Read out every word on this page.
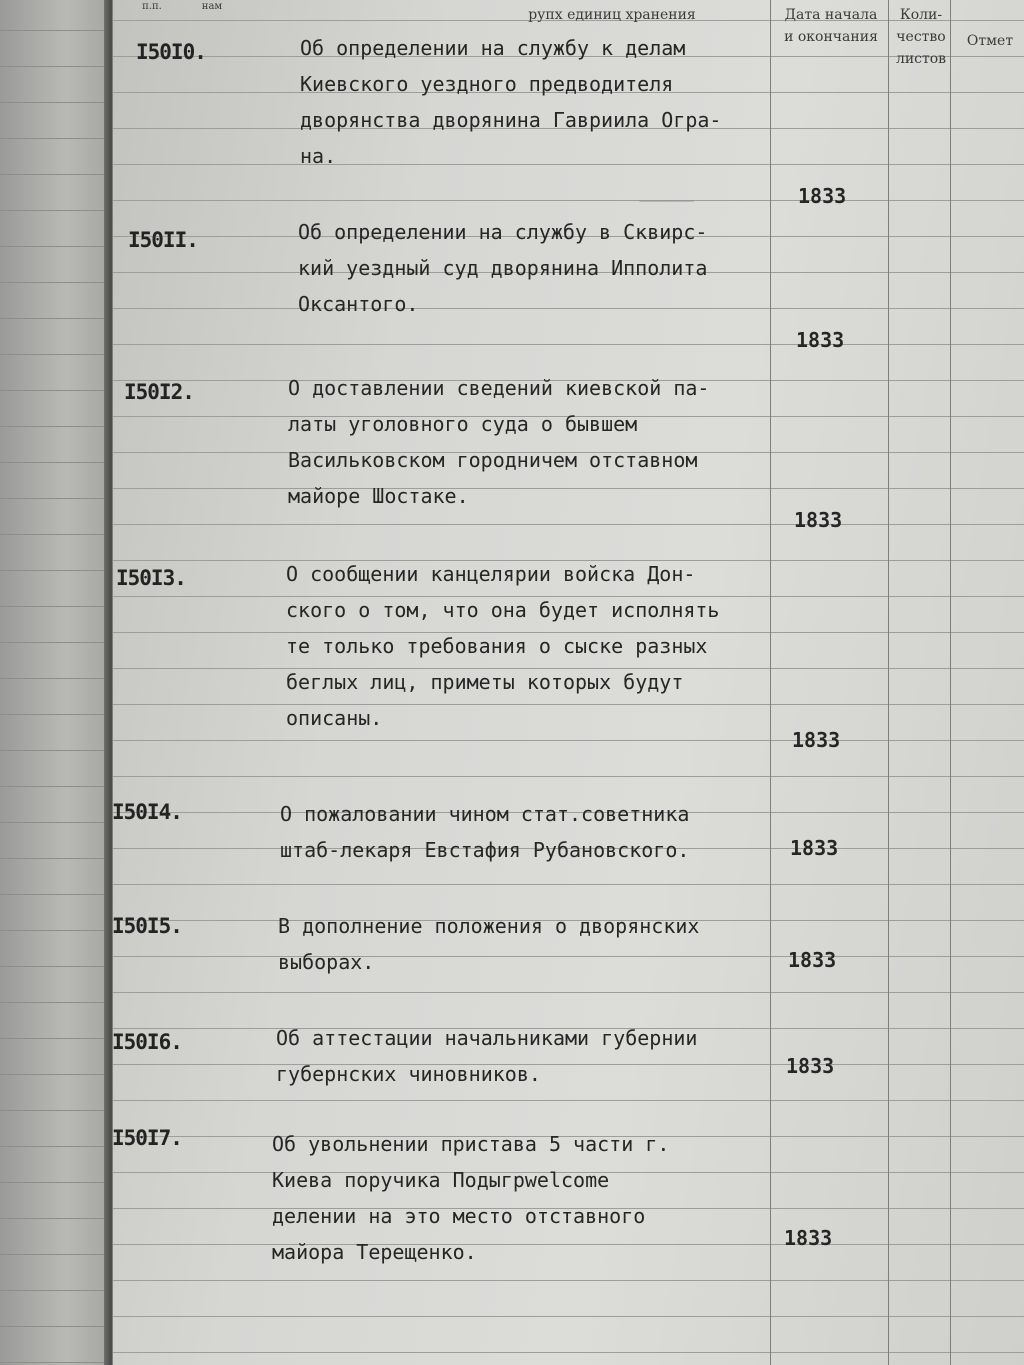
п.п.	нам
рупх единиц хранения	Дата начала
и окончания
Коли-
чество
листов
Отмет
I50I0.	Об определении на службу к делам
Киевского уездного предводителя
дворянства дворянина Гавриила Огра-
на.
1833
I50II.	Об определении на службу в Сквирс-
кий уездный суд дворянина Ипполита
Оксантого.
1833
I50I2.	О доставлении сведений киевской па-
латы уголовного суда о бывшем
Васильковском городничем отставном
майоре Шостаке.
1833
I50I3.	О сообщении канцелярии войска Дон-
ского о том, что она будет исполнять
те только требования о сыске разных
беглых лиц, приметы которых будут
описаны.
1833
I50I4.	О пожаловании чином стат.советника
штаб-лекаря Евстафия Рубановского.	1833
I50I5.	В дополнение положения о дворянских
выборах.	1833
I50I6.	Об аттестации начальниками губернии
губернских чиновников.	1833
I50I7.	Об увольнении пристава 5 части г.
Киева поручика Подыгрwelcome
делении на это место отставного
майора Терещенко.
1833
─────
